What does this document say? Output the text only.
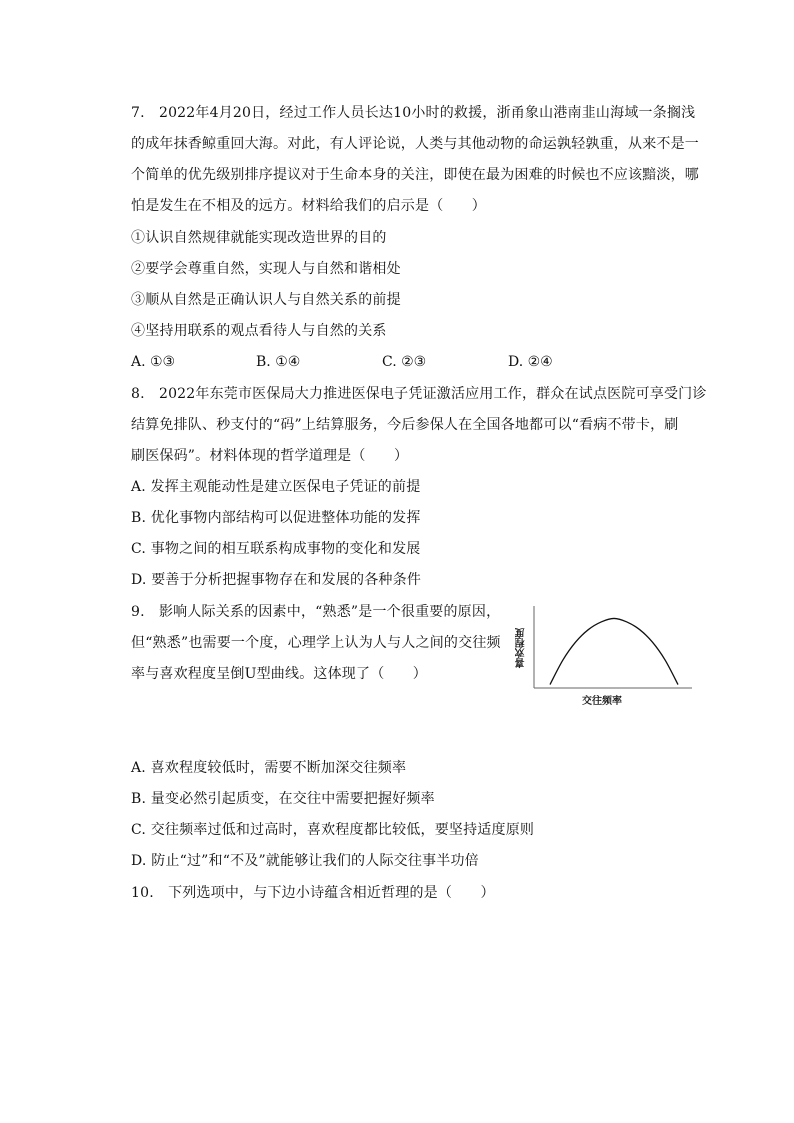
7.　2022年4月20日，经过工作人员长达10小时的救援，浙甬象山港南韭山海域一条搁浅
的成年抹香鲸重回大海。对此，有人评论说，人类与其他动物的命运孰轻孰重，从来不是一
个简单的优先级别排序提议对于生命本身的关注，即使在最为困难的时候也不应该黯淡，哪
怕是发生在不相及的远方。材料给我们的启示是（　　）
①认识自然规律就能实现改造世界的目的
②要学会尊重自然，实现人与自然和谐相处
③顺从自然是正确认识人与自然关系的前提
④坚持用联系的观点看待人与自然的关系
A. ①③	B. ①④	C. ②③	D. ②④
8.　2022年东莞市医保局大力推进医保电子凭证激活应用工作，群众在试点医院可享受门诊
结算免排队、秒支付的“码”上结算服务，今后参保人在全国各地都可以“看病不带卡，刷
刷医保码”。材料体现的哲学道理是（　　）
A. 发挥主观能动性是建立医保电子凭证的前提
B. 优化事物内部结构可以促进整体功能的发挥
C. 事物之间的相互联系构成事物的变化和发展
D. 要善于分析把握事物存在和发展的各种条件
9.　影响人际关系的因素中，“熟悉”是一个很重要的原因，
但“熟悉”也需要一个度，心理学上认为人与人之间的交往频
率与喜欢程度呈倒U型曲线。这体现了（　　）
喜欢程度
交往频率
A. 喜欢程度较低时，需要不断加深交往频率
B. 量变必然引起质变，在交往中需要把握好频率
C. 交往频率过低和过高时，喜欢程度都比较低，要坚持适度原则
D. 防止“过”和“不及”就能够让我们的人际交往事半功倍
10.　下列选项中，与下边小诗蕴含相近哲理的是（　　）
